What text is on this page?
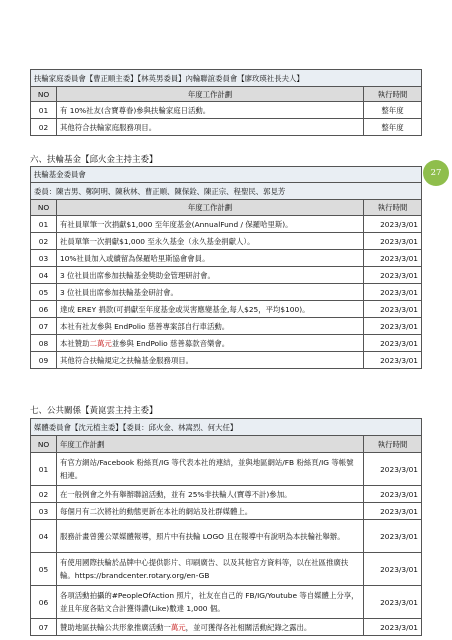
扶輪家庭委員會【曹正順主委】【林英男委員】內輪聯誼委員會【廖玫瑛社長夫人】		
NO	年度工作計劃	執行時間
01	有 10%社友(含寶尊眷)參與扶輪家庭日活動。	整年度
02	其他符合扶輪家庭服務項目。	整年度
六、扶輪基金【邱火金主持主委】
27
扶輪基金委員會		
委員：陳吉男、鄭阿明、陳秋林、曹正順、陳保銓、陳正宗、程聖民、郭見芳		
NO	年度工作計劃	執行時間
01	有社員單筆一次捐獻$1,000 至年度基金(AnnualFund / 保羅哈里斯)。	2023/3/01
02	社員單筆一次捐獻$1,000 至永久基金（永久基金捐獻人）。	2023/3/01
03	10%社員加入或續留為保羅哈里斯協會會員。	2023/3/01
04	3 位社員出席參加扶輪基金獎助金管理研討會。	2023/3/01
05	3 位社員出席參加扶輪基金研討會。	2023/3/01
06	達成 EREY 捐款(可捐獻至年度基金或災害應變基金,每人$25，平均$100)。	2023/3/01
07	本社有社友參與 EndPolio 慈善專案部自行車活動。	2023/3/01
08	本社贊助二萬元並參與 EndPolio 慈善募款音樂會。	2023/3/01
09	其他符合扶輪規定之扶輪基金服務項目。	2023/3/01
七、公共關係【黃崑雲主持主委】
媒體委員會【沈元植主委】【委員：邱火金、林嵩烈、何大任】		
NO	年度工作計劃	執行時間
01	有官方網站/Facebook 粉絲頁/IG 等代表本社的連結，並與地區網站/FB 粉絲頁/IG 等帳號相連。	2023/3/01
02	在一般例會之外有舉辦聯誼活動，並有 25%非扶輪人(寶尊不計)參加。	2023/3/01
03	每個月有二次將社的動態更新在本社的網站及社群媒體上。	2023/3/01
04	服務計畫曾獲公眾媒體報導，照片中有扶輪 LOGO 且在報導中有說明為本扶輪社舉辦。	2023/3/01
05	有使用國際扶輪於品牌中心提供影片、印刷廣告、以及其他官方資料等，以在社區推廣扶輪。https://brandcenter.rotary.org/en-GB	2023/3/01
06	各項活動拍攝的#PeopleOfAction 照片，社友在自己的 FB/IG/Youtube 等自媒體上分享，並且年度各貼文合計獲得讚(Like)數達 1,000 個。	2023/3/01
07	贊助地區扶輪公共形象推廣活動一萬元，並可獲得各社相關活動紀錄之露出。	2023/3/01
